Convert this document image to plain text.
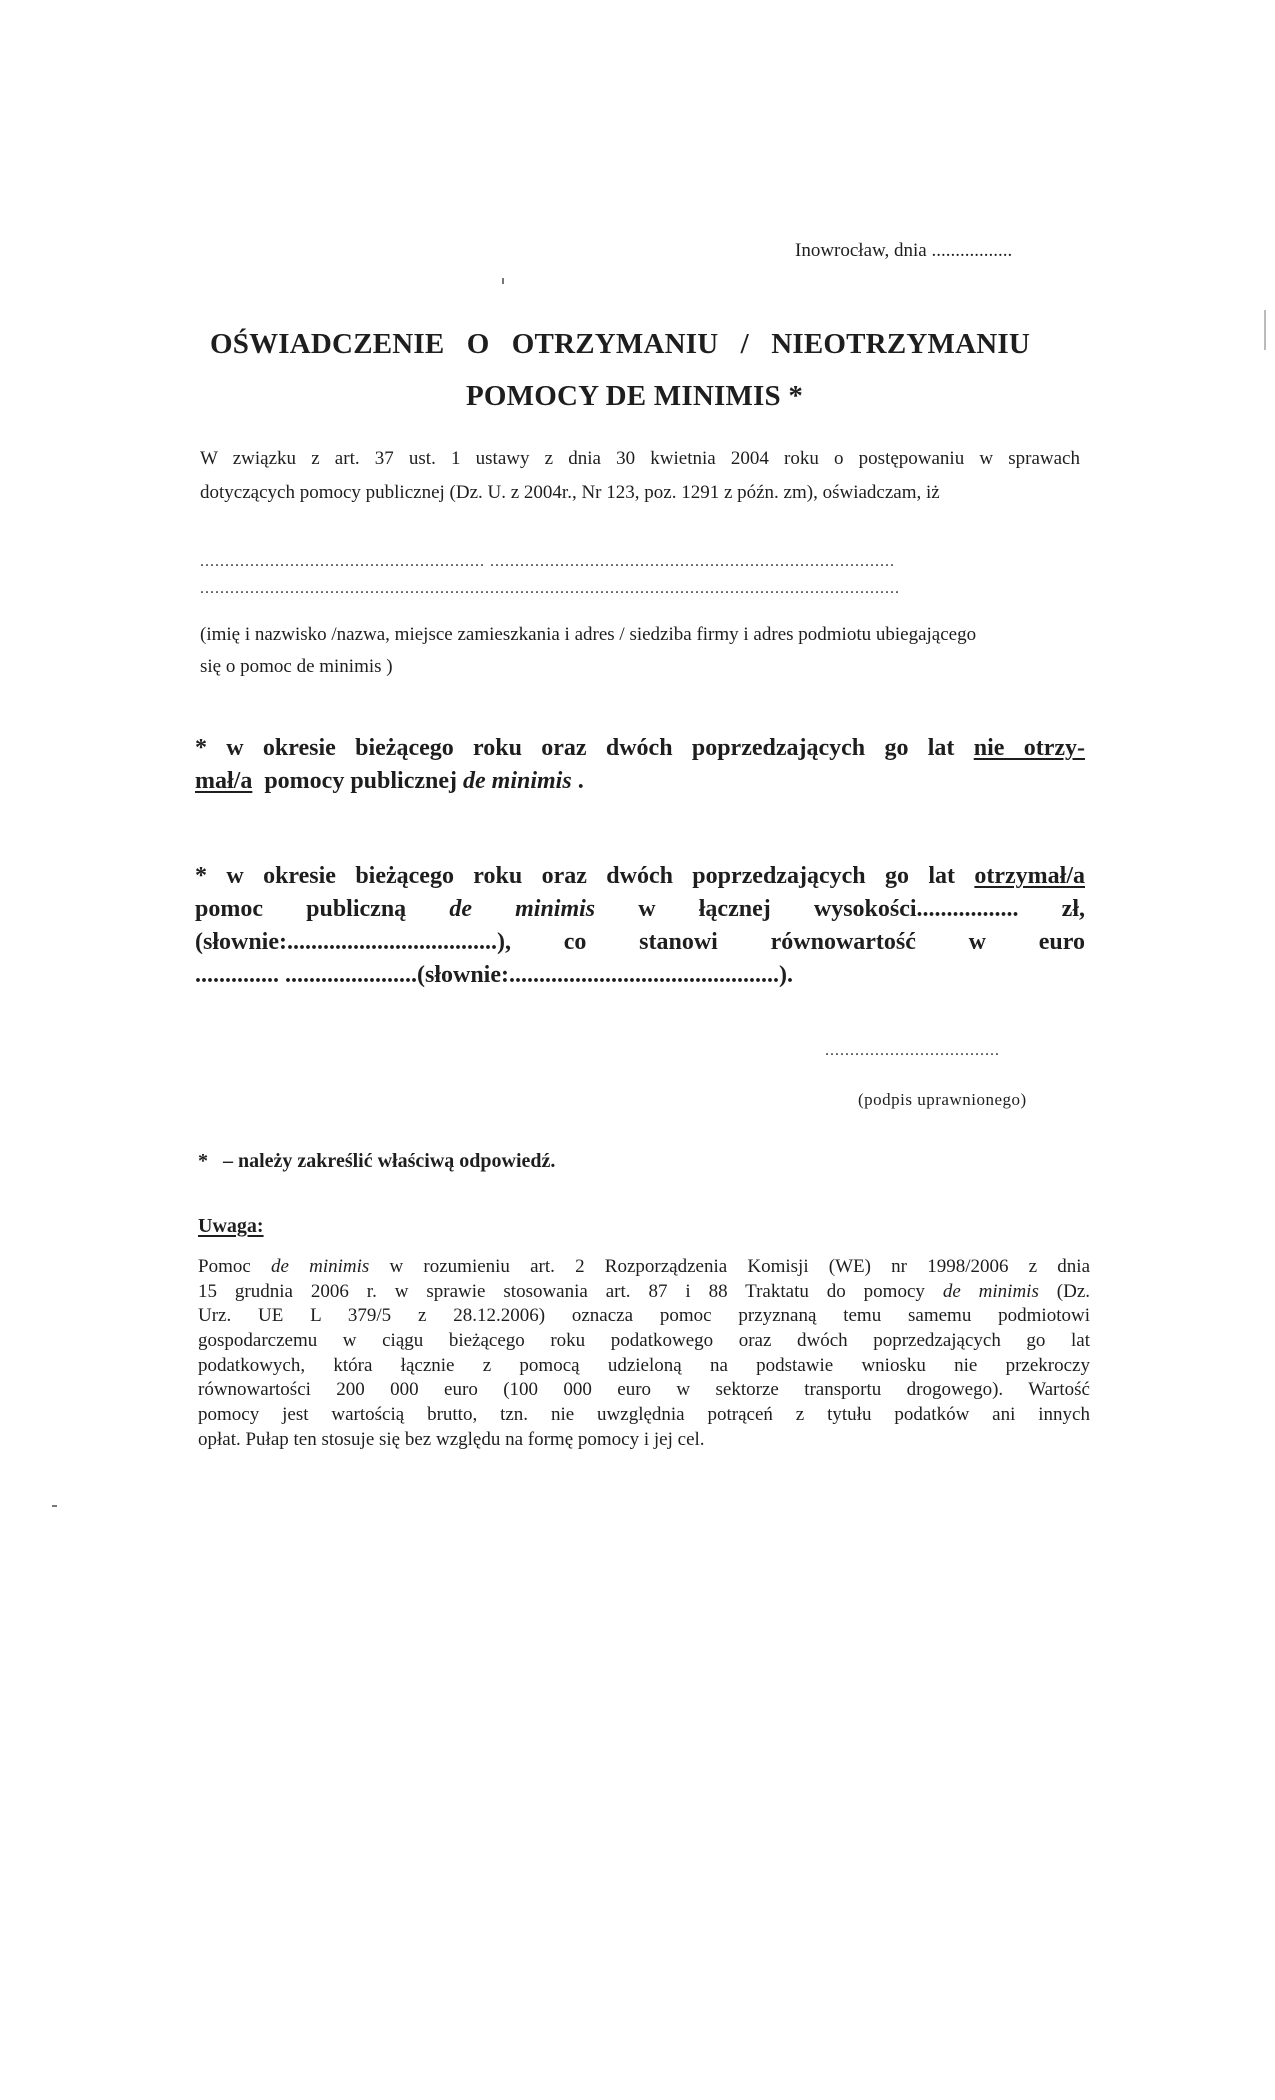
Inowrocław, dnia .................
OŚWIADCZENIE O OTRZYMANIU / NIEOTRZYMANIU
POMOCY DE MINIMIS *
W związku z art. 37 ust. 1 ustawy z dnia 30 kwietnia 2004 roku o postępowaniu w sprawach
dotyczących pomocy publicznej (Dz. U. z 2004r., Nr 123, poz. 1291 z późn. zm), oświadczam, iż
......................................................... .................................................................................
............................................................................................................................................
(imię i nazwisko /nazwa, miejsce zamieszkania i adres / siedziba firmy i adres podmiotu ubiegającego
się o pomoc de minimis )
* w okresie bieżącego roku oraz dwóch poprzedzających go lat nie otrzy-
mał/a pomocy publicznej de minimis .
* w okresie bieżącego roku oraz dwóch poprzedzających go lat otrzymał/a
pomoc publiczną de minimis w łącznej wysokości................. zł,
(słownie:...................................), co stanowi równowartość w euro
.............. ......................(słownie:.............................................).
...................................
(podpis uprawnionego)
* – należy zakreślić właściwą odpowiedź.
Uwaga:
Pomoc de minimis w rozumieniu art. 2 Rozporządzenia Komisji (WE) nr 1998/2006 z dnia
15 grudnia 2006 r. w sprawie stosowania art. 87 i 88 Traktatu do pomocy de minimis (Dz.
Urz. UE L 379/5 z 28.12.2006) oznacza pomoc przyznaną temu samemu podmiotowi
gospodarczemu w ciągu bieżącego roku podatkowego oraz dwóch poprzedzających go lat
podatkowych, która łącznie z pomocą udzieloną na podstawie wniosku nie przekroczy
równowartości 200 000 euro (100 000 euro w sektorze transportu drogowego). Wartość
pomocy jest wartością brutto, tzn. nie uwzględnia potrąceń z tytułu podatków ani innych
opłat. Pułap ten stosuje się bez względu na formę pomocy i jej cel.
